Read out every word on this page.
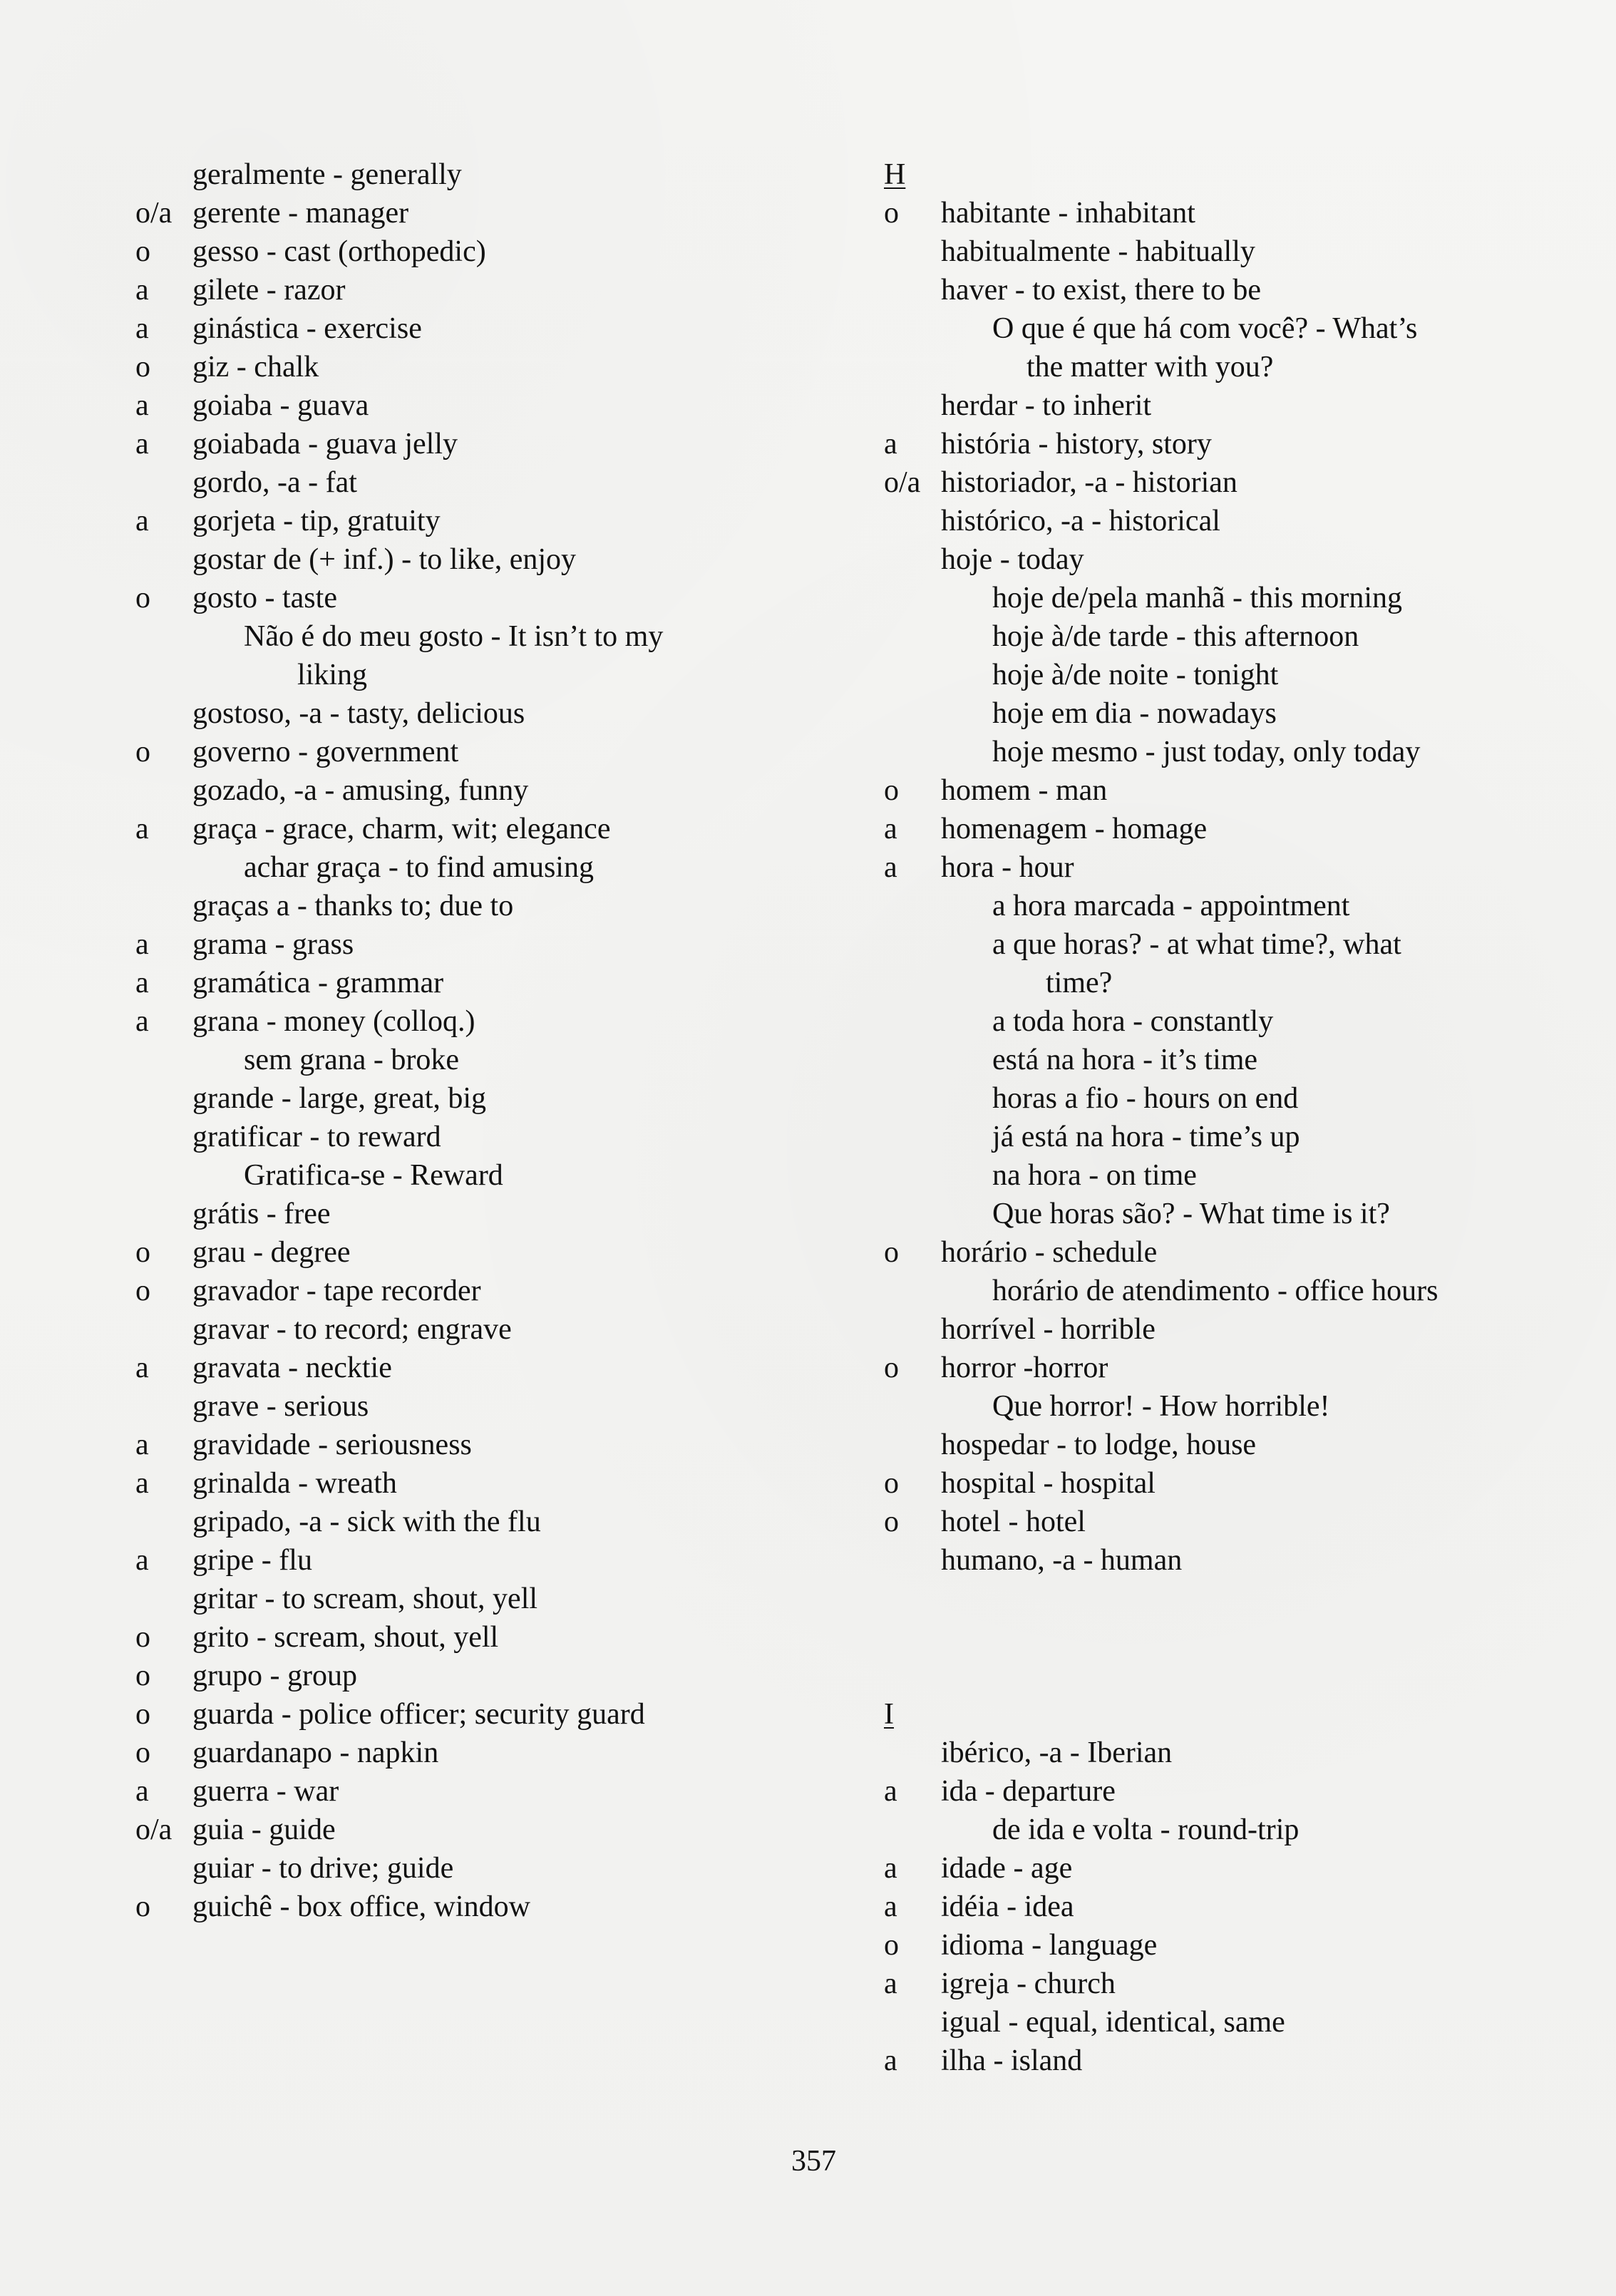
geralmente - generally
o/a gerente - manager
o	gesso - cast (orthopedic)
a	gilete - razor
a	ginástica - exercise
o	giz - chalk
a	goiaba - guava
a	goiabada - guava jelly
gordo, -a - fat
a	gorjeta - tip, gratuity
gostar de (+ inf.) - to like, enjoy
o	gosto - taste
Não é do meu gosto - It isn’t to my
liking
gostoso, -a - tasty, delicious
o	governo - government
gozado, -a - amusing, funny
a	graça - grace, charm, wit; elegance
achar graça - to find amusing
graças a - thanks to; due to
a	grama - grass
a	gramática - grammar
a	grana - money (colloq.)
sem grana - broke
grande - large, great, big
gratificar - to reward
Gratifica-se - Reward
grátis - free
o	grau - degree
o	gravador - tape recorder
gravar - to record; engrave
a	gravata - necktie
grave - serious
a	gravidade - seriousness
a	grinalda - wreath
gripado, -a - sick with the flu
a	gripe - flu
gritar - to scream, shout, yell
o	grito - scream, shout, yell
o	grupo - group
o	guarda - police officer; security guard
o	guardanapo - napkin
a	guerra - war
o/a guia - guide
guiar - to drive; guide
o	guichê - box office, window
H
o	habitante - inhabitant
habitualmente - habitually
haver - to exist, there to be
O que é que há com você? - What’s
the matter with you?
herdar - to inherit
a	história - history, story
o/a historiador, -a - historian
histórico, -a - historical
hoje - today
hoje de/pela manhã - this morning
hoje à/de tarde - this afternoon
hoje à/de noite - tonight
hoje em dia - nowadays
hoje mesmo - just today, only today
o	homem - man
a	homenagem - homage
a	hora - hour
a hora marcada - appointment
a que horas? - at what time?, what
time?
a toda hora - constantly
está na hora - it’s time
horas a fio - hours on end
já está na hora - time’s up
na hora - on time
Que horas são? - What time is it?
o	horário - schedule
horário de atendimento - office hours
horrível - horrible
o	horror -horror
Que horror! - How horrible!
hospedar - to lodge, house
o	hospital - hospital
o	hotel - hotel
humano, -a - human
I
ibérico, -a - Iberian
a	ida - departure
de ida e volta - round-trip
a	idade - age
a	idéia - idea
o	idioma - language
a	igreja - church
igual - equal, identical, same
a	ilha - island
357
